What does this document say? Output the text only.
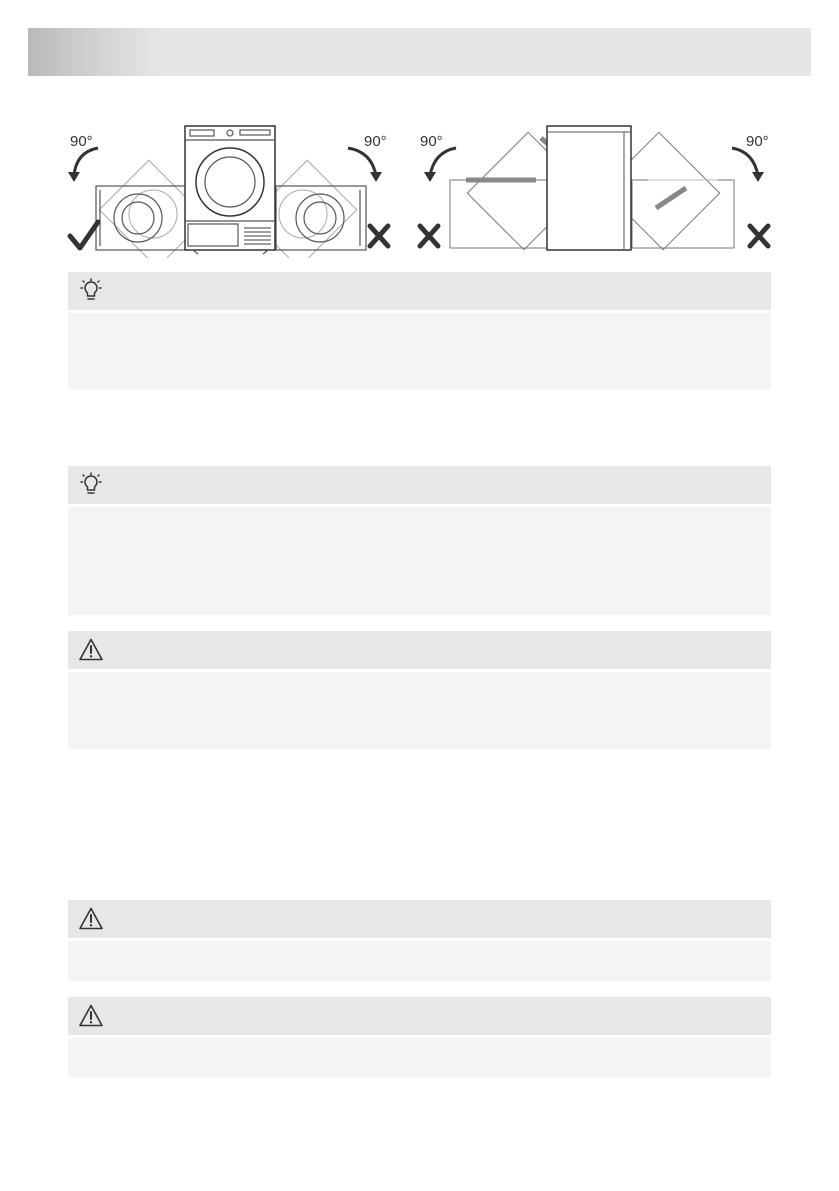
90°	90° 90°	90°
